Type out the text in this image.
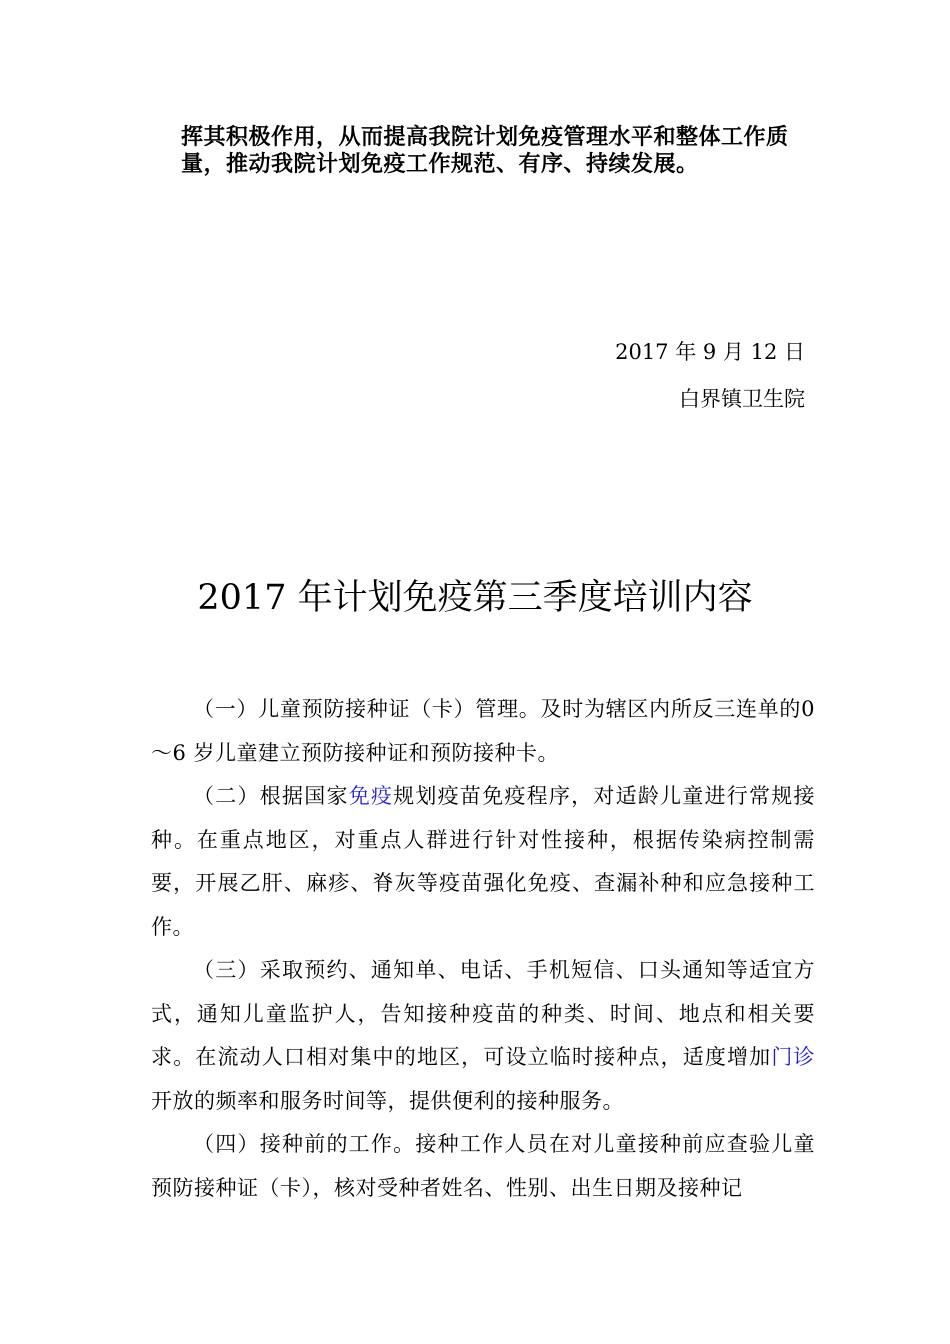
挥其积极作用，从而提高我院计划免疫管理水平和整体工作质

量，推动我院计划免疫工作规范、有序、持续发展。

2017 年 9 月 12 日
白界镇卫生院
2017 年计划免疫第三季度培训内容

（一）儿童预防接种证（卡）管理。及时为辖区内所反三连单的0～6 岁儿童建立预防接种证和预防接种卡。

（二）根据国家免疫规划疫苗免疫程序，对适龄儿童进行常规接种。在重点地区，对重点人群进行针对性接种，根据传染病控制需要，开展乙肝、麻疹、脊灰等疫苗强化免疫、查漏补种和应急接种工作。

（三）采取预约、通知单、电话、手机短信、口头通知等适宜方式，通知儿童监护人，告知接种疫苗的种类、时间、地点和相关要求。在流动人口相对集中的地区，可设立临时接种点，适度增加门诊开放的频率和服务时间等，提供便利的接种服务。

（四）接种前的工作。接种工作人员在对儿童接种前应查验儿童预防接种证（卡），核对受种者姓名、性别、出生日期及接种记
